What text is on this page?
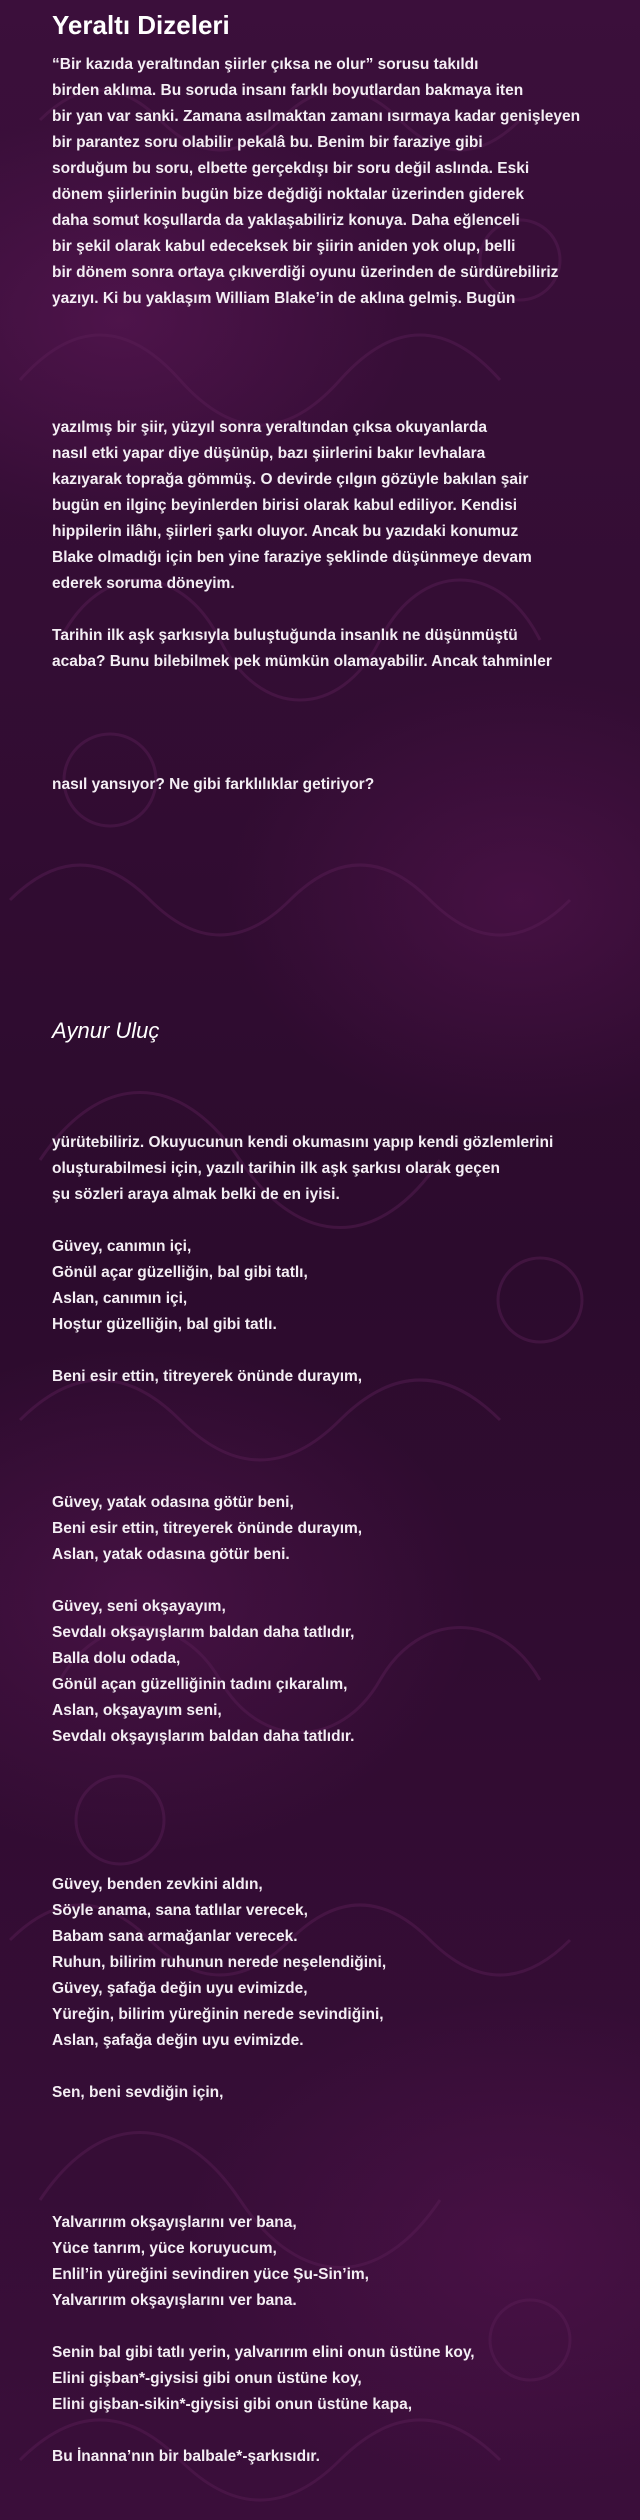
Yeraltı Dizeleri

“Bir kazıda yeraltından şiirler çıksa ne olur” sorusu takıldı

birden aklıma. Bu soruda insanı farklı boyutlardan bakmaya iten

bir yan var sanki. Zamana asılmaktan zamanı ısırmaya kadar genişleyen

bir parantez soru olabilir pekalâ bu. Benim bir faraziye gibi

sorduğum bu soru, elbette gerçekdışı bir soru değil aslında. Eski

dönem şiirlerinin bugün bize değdiği noktalar üzerinden giderek

daha somut koşullarda da yaklaşabiliriz konuya. Daha eğlenceli

bir şekil olarak kabul edeceksek bir şiirin aniden yok olup, belli

bir dönem sonra ortaya çıkıverdiği oyunu üzerinden de sürdürebiliriz

yazıyı. Ki bu yaklaşım William Blake’in de aklına gelmiş. Bugün

yazılmış bir şiir, yüzyıl sonra yeraltından çıksa okuyanlarda

nasıl etki yapar diye düşünüp, bazı şiirlerini bakır levhalara

kazıyarak toprağa gömmüş. O devirde çılgın gözüyle bakılan şair

bugün en ilginç beyinlerden birisi olarak kabul ediliyor. Kendisi

hippilerin ilâhı, şiirleri şarkı oluyor. Ancak bu yazıdaki konumuz

Blake olmadığı için ben yine faraziye şeklinde düşünmeye devam

ederek soruma döneyim.

Tarihin ilk aşk şarkısıyla buluştuğunda insanlık ne düşünmüştü

acaba? Bunu bilebilmek pek mümkün olamayabilir. Ancak tahminler

nasıl yansıyor? Ne gibi farklılıklar getiriyor?

Aynur Uluç

yürütebiliriz. Okuyucunun kendi okumasını yapıp kendi gözlemlerini

oluşturabilmesi için, yazılı tarihin ilk aşk şarkısı olarak geçen

şu sözleri araya almak belki de en iyisi.

Güvey, canımın içi,

Gönül açar güzelliğin, bal gibi tatlı,

Aslan, canımın içi,

Hoştur güzelliğin, bal gibi tatlı.

Beni esir ettin, titreyerek önünde durayım,

Güvey, yatak odasına götür beni,

Beni esir ettin, titreyerek önünde durayım,

Aslan, yatak odasına götür beni.

Güvey, seni okşayayım,

Sevdalı okşayışlarım baldan daha tatlıdır,

Balla dolu odada,

Gönül açan güzelliğinin tadını çıkaralım,

Aslan, okşayayım seni,

Sevdalı okşayışlarım baldan daha tatlıdır.

Güvey, benden zevkini aldın,

Söyle anama, sana tatlılar verecek,

Babam sana armağanlar verecek.

Ruhun, bilirim ruhunun nerede neşelendiğini,

Güvey, şafağa değin uyu evimizde,

Yüreğin, bilirim yüreğinin nerede sevindiğini,

Aslan, şafağa değin uyu evimizde.

Sen, beni sevdiğin için,

Yalvarırım okşayışlarını ver bana,

Yüce tanrım, yüce koruyucum,

Enlil’in yüreğini sevindiren yüce Şu-Sin’im,

Yalvarırım okşayışlarını ver bana.

Senin bal gibi tatlı yerin, yalvarırım elini onun üstüne koy,

Elini gişban*-giysisi gibi onun üstüne koy,

Elini gişban-sikin*-giysisi gibi onun üstüne kapa,

Bu İnanna’nın bir balbale*-şarkısıdır.
